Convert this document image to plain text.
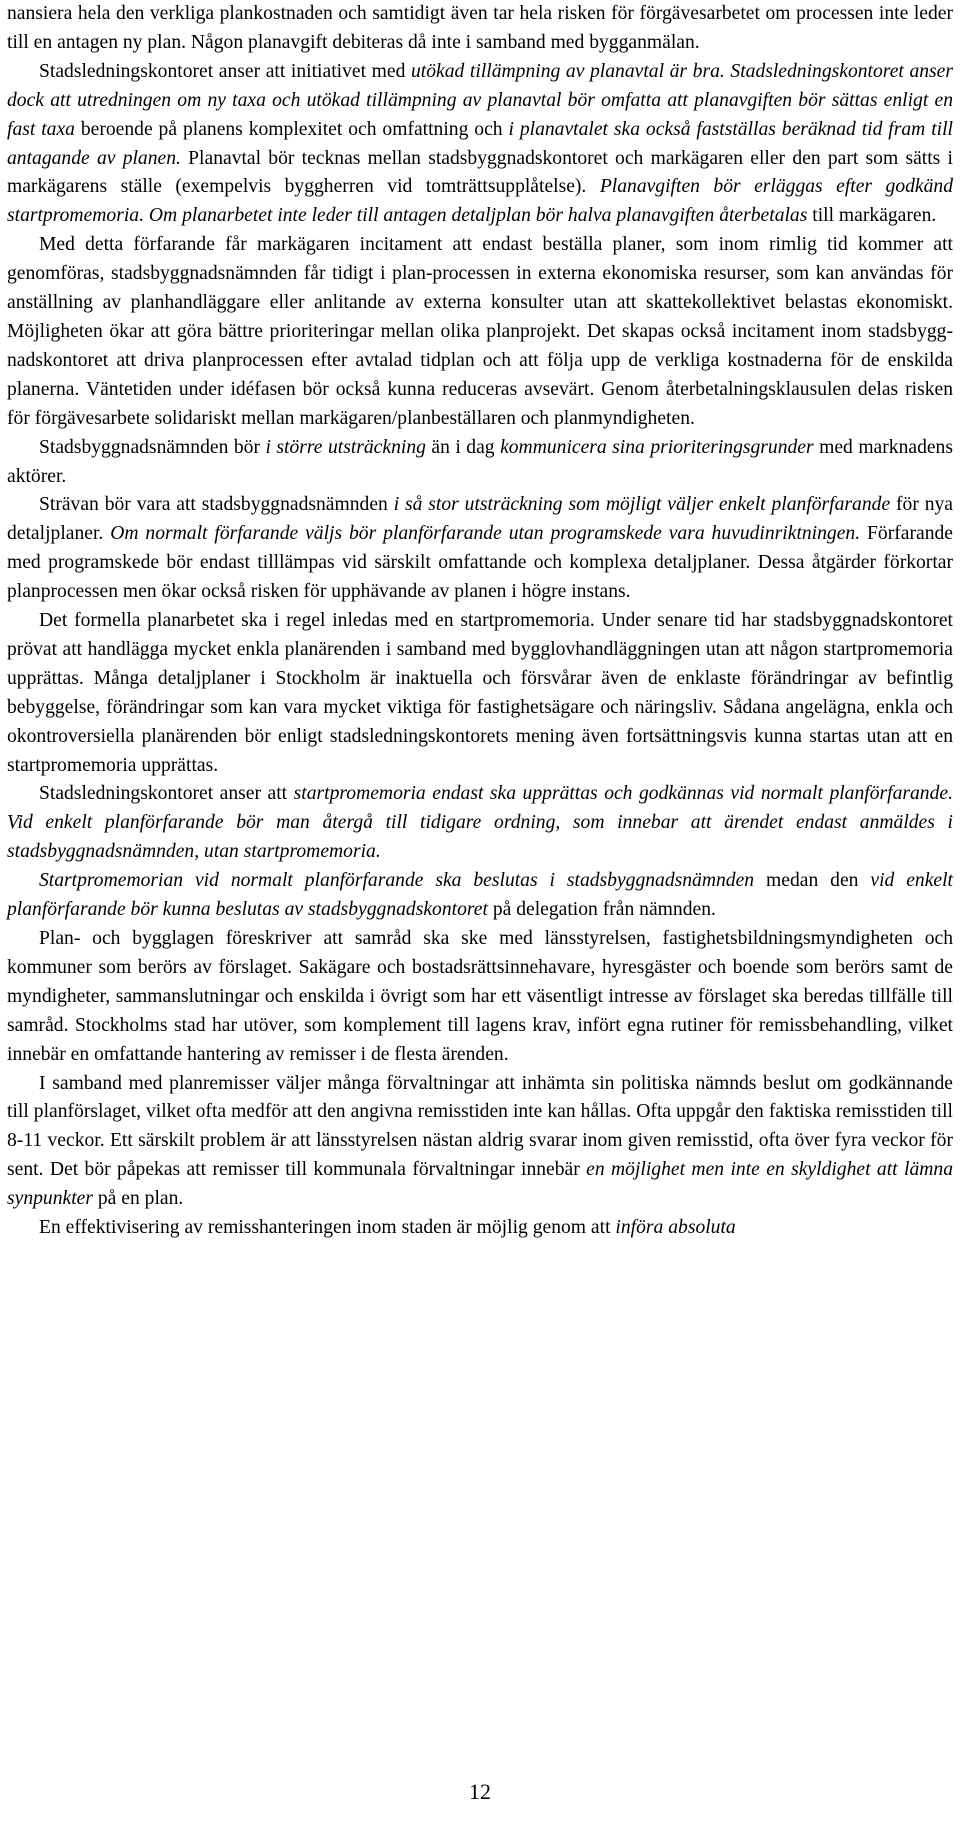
nansiera hela den verkliga plankostnaden och samtidigt även tar hela risken för förgävesarbetet om processen inte leder till en antagen ny plan. Någon planavgift debiteras då inte i samband med bygganmälan.

Stadsledningskontoret anser att initiativet med utökad tillämpning av planavtal är bra. Stadsledningskontoret anser dock att utredningen om ny taxa och utökad tillämpning av planavtal bör omfatta att planavgiften bör sättas enligt en fast taxa beroende på planens komplexitet och omfattning och i planavtalet ska också fastställas beräknad tid fram till antagande av planen. Planavtal bör tecknas mellan stadsbyggnadskontoret och markägaren eller den part som sätts i markägarens ställe (exempelvis byggherren vid tomträttsupplåtelse). Planavgiften bör erläggas efter godkänd startpromemoria. Om planarbetet inte leder till antagen detaljplan bör halva planavgiften återbetalas till markägaren.

Med detta förfarande får markägaren incitament att endast beställa planer, som inom rimlig tid kommer att genomföras, stadsbyggnadsnämnden får tidigt i plan-processen in externa ekonomiska resurser, som kan användas för anställning av planhandläggare eller anlitande av externa konsulter utan att skattekollektivet belastas ekonomiskt. Möjligheten ökar att göra bättre prioriteringar mellan olika planprojekt. Det skapas också incitament inom stadsbyggnadskontoret att driva planprocessen efter avtalad tidplan och att följa upp de verkliga kostnaderna för de enskilda planerna. Väntetiden under idéfasen bör också kunna reduceras avsevärt. Genom återbetalningsklausulen delas risken för förgävesarbete solidariskt mellan markägaren/planbeställaren och planmyndigheten.

Stadsbyggnadsnämnden bör i större utsträckning än i dag kommunicera sina prioriteringsgrunder med marknadens aktörer.

Strävan bör vara att stadsbyggnadsnämnden i så stor utsträckning som möjligt väljer enkelt planförfarande för nya detaljplaner. Om normalt förfarande väljs bör planförfarande utan programskede vara huvudinriktningen. Förfarande med programskede bör endast tilllämpas vid särskilt omfattande och komplexa detaljplaner. Dessa åtgärder förkortar planprocessen men ökar också risken för upphävande av planen i högre instans.

Det formella planarbetet ska i regel inledas med en startpromemoria. Under senare tid har stadsbyggnadskontoret prövat att handlägga mycket enkla planärenden i samband med bygglovhandläggningen utan att någon startpromemoria upprättas. Många detaljplaner i Stockholm är inaktuella och försvårar även de enklaste förändringar av befintlig bebyggelse, förändringar som kan vara mycket viktiga för fastighetsägare och näringsliv. Sådana angelägna, enkla och okontroversiella planärenden bör enligt stadsledningskontorets mening även fortsättningsvis kunna startas utan att en startpromemoria upprättas.

Stadsledningskontoret anser att startpromemoria endast ska upprättas och godkännas vid normalt planförfarande. Vid enkelt planförfarande bör man återgå till tidigare ordning, som innebar att ärendet endast anmäldes i stadsbyggnadsnämnden, utan startpromemoria.

Startpromemorian vid normalt planförfarande ska beslutas i stadsbyggnadsnämnden medan den vid enkelt planförfarande bör kunna beslutas av stadsbyggnadskontoret på delegation från nämnden.

Plan- och bygglagen föreskriver att samråd ska ske med länsstyrelsen, fastighetsbildningsmyndigheten och kommuner som berörs av förslaget. Sakägare och bostadsrättsinnehavare, hyresgäster och boende som berörs samt de myndigheter, sammanslutningar och enskilda i övrigt som har ett väsentligt intresse av förslaget ska beredas tillfälle till samråd. Stockholms stad har utöver, som komplement till lagens krav, infört egna rutiner för remissbehandling, vilket innebär en omfattande hantering av remisser i de flesta ärenden.

I samband med planremisser väljer många förvaltningar att inhämta sin politiska nämnds beslut om godkännande till planförslaget, vilket ofta medför att den angivna remisstiden inte kan hållas. Ofta uppgår den faktiska remisstiden till 8-11 veckor. Ett särskilt problem är att länsstyrelsen nästan aldrig svarar inom given remisstid, ofta över fyra veckor för sent. Det bör påpekas att remisser till kommunala förvaltningar innebär en möjlighet men inte en skyldighet att lämna synpunkter på en plan.

En effektivisering av remisshanteringen inom staden är möjlig genom att införa absoluta

12
